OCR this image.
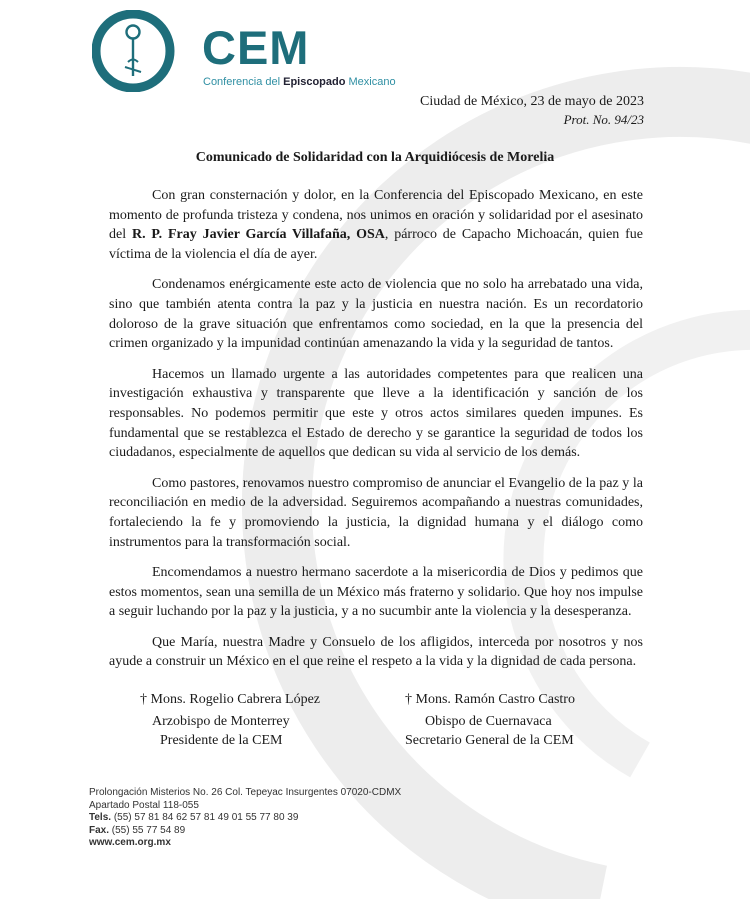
CEM
Conferencia del Episcopado Mexicano
Ciudad de México, 23 de mayo de 2023
Prot. No. 94/23
Comunicado de Solidaridad con la Arquidiócesis de Morelia

Con gran consternación y dolor, en la Conferencia del Episcopado Mexicano, en este momento de profunda tristeza y condena, nos unimos en oración y solidaridad por el asesinato del R. P. Fray Javier García Villafaña, OSA, párroco de Capacho Michoacán, quien fue víctima de la violencia el día de ayer.

Condenamos enérgicamente este acto de violencia que no solo ha arrebatado una vida, sino que también atenta contra la paz y la justicia en nuestra nación. Es un recordatorio doloroso de la grave situación que enfrentamos como sociedad, en la que la presencia del crimen organizado y la impunidad continúan amenazando la vida y la seguridad de tantos.

Hacemos un llamado urgente a las autoridades competentes para que realicen una investigación exhaustiva y transparente que lleve a la identificación y sanción de los responsables. No podemos permitir que este y otros actos similares queden impunes. Es fundamental que se restablezca el Estado de derecho y se garantice la seguridad de todos los ciudadanos, especialmente de aquellos que dedican su vida al servicio de los demás.

Como pastores, renovamos nuestro compromiso de anunciar el Evangelio de la paz y la reconciliación en medio de la adversidad. Seguiremos acompañando a nuestras comunidades, fortaleciendo la fe y promoviendo la justicia, la dignidad humana y el diálogo como instrumentos para la transformación social.

Encomendamos a nuestro hermano sacerdote a la misericordia de Dios y pedimos que estos momentos, sean una semilla de un México más fraterno y solidario. Que hoy nos impulse a seguir luchando por la paz y la justicia, y a no sucumbir ante la violencia y la desesperanza.

Que María, nuestra Madre y Consuelo de los afligidos, interceda por nosotros y nos ayude a construir un México en el que reine el respeto a la vida y la dignidad de cada persona.

† Mons. Rogelio Cabrera López
Arzobispo de Monterrey
Presidente de la CEM
† Mons. Ramón Castro Castro
Obispo de Cuernavaca
Secretario General de la CEM
Prolongación Misterios No. 26 Col. Tepeyac Insurgentes 07020-CDMX
Apartado Postal 118-055
Tels. (55) 57 81 84 62 57 81 49 01 55 77 80 39
Fax. (55) 55 77 54 89
www.cem.org.mx
